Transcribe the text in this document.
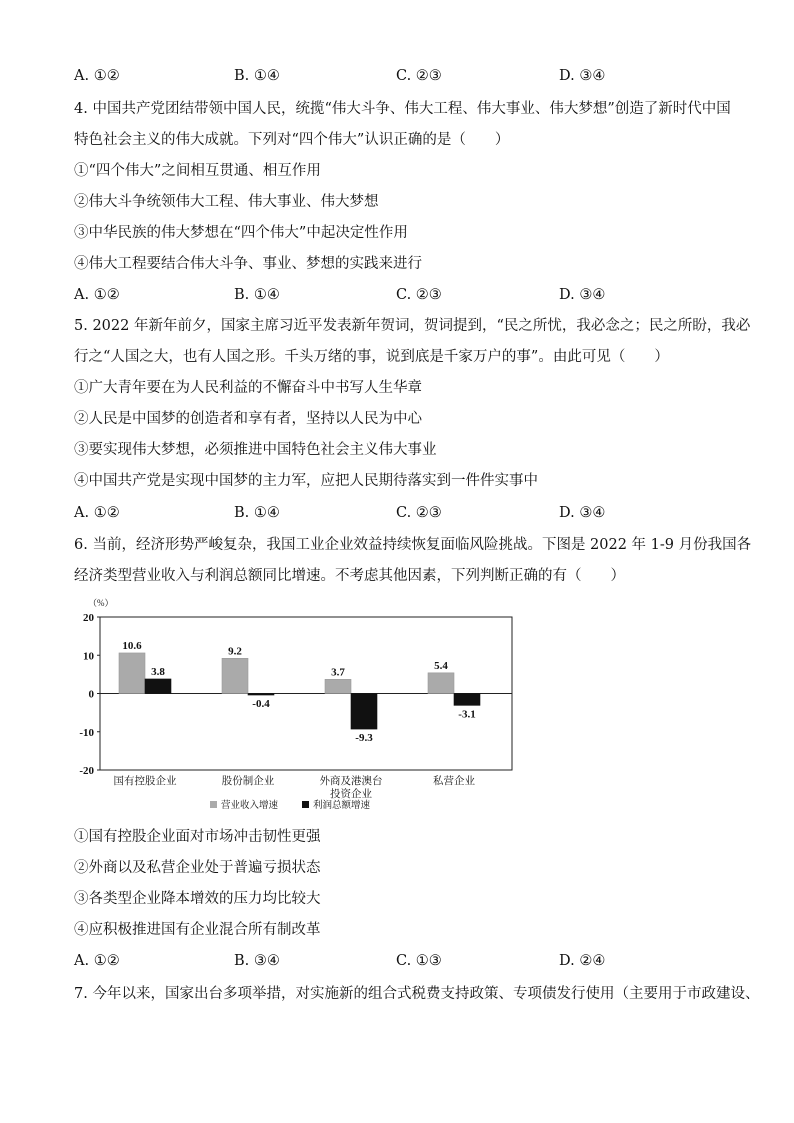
A. ①②	B. ①④	C. ②③	D. ③④
4. 中国共产党团结带领中国人民，统揽“伟大斗争、伟大工程、伟大事业、伟大梦想”创造了新时代中国
特色社会主义的伟大成就。下列对“四个伟大”认识正确的是（　　）
①“四个伟大”之间相互贯通、相互作用
②伟大斗争统领伟大工程、伟大事业、伟大梦想
③中华民族的伟大梦想在“四个伟大”中起决定性作用
④伟大工程要结合伟大斗争、事业、梦想的实践来进行
A. ①②	B. ①④	C. ②③	D. ③④
5. 2022 年新年前夕，国家主席习近平发表新年贺词，贺词提到，“民之所忧，我必念之；民之所盼，我必
行之“人国之大，也有人国之形。千头万绪的事，说到底是千家万户的事”。由此可见（　　）
①广大青年要在为人民利益的不懈奋斗中书写人生华章
②人民是中国梦的创造者和享有者，坚持以人民为中心
③要实现伟大梦想，必须推进中国特色社会主义伟大事业
④中国共产党是实现中国梦的主力军，应把人民期待落实到一件件实事中
A. ①②	B. ①④	C. ②③	D. ③④
6. 当前，经济形势严峻复杂，我国工业企业效益持续恢复面临风险挑战。下图是 2022 年 1-9 月份我国各
经济类型营业收入与利润总额同比增速。不考虑其他因素，下列判断正确的有（　　）
（%）
20
10
0
-10
-20
10.6
3.8
国有控股企业
9.2
-0.4
股份制企业
3.7
-9.3
外商及港澳台
投资企业
5.4
-3.1
私营企业
营业收入增速	利润总额增速
①国有控股企业面对市场冲击韧性更强
②外商以及私营企业处于普遍亏损状态
③各类型企业降本增效的压力均比较大
④应积极推进国有企业混合所有制改革
A. ①②	B. ③④	C. ①③	D. ②④
7. 今年以来，国家出台多项举措，对实施新的组合式税费支持政策、专项债发行使用（主要用于市政建设、
